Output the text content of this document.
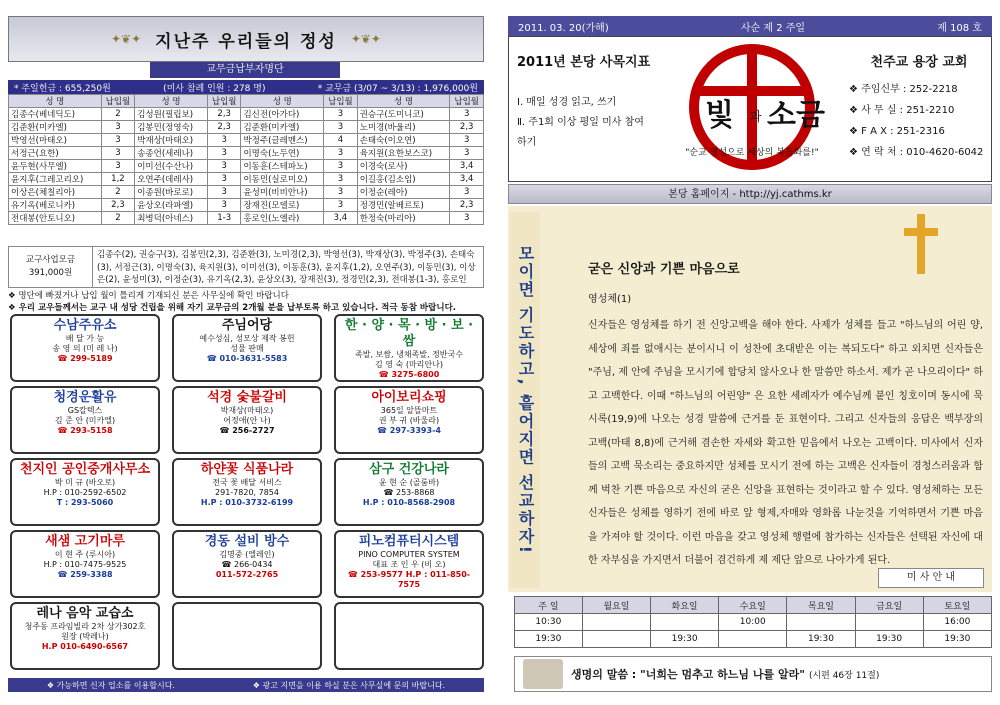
✦❦✦ 지난주 우리들의 정성 ✦❦✦
교무금납부자명단
* 주일헌금 : 655,250원	(미사 참례 인원 : 278 명)	* 교무금 (3/07 ~ 3/13) : 1,976,000원
성 명	납입월	성 명	납입월	성 명	납입월	성 명	납입월
김종수(베네딕도)	2	김성원(필립보)	2,3	김신전(아가다)	3	권승구(도미니코)	3
김준환(미카엘)	3	김봉민(정영숙)	2,3	김준환(미카엘)	3	노미경(바울리)	2,3
박영선(마태오)	3	박재상(마태오)	3	박정주(글레멘스)	4	손태숙(이오연)	3
서정근(요한)	3	송종언(세레나)	3	이명숙(노두연)	3	육지원(요한보스코)	3
윤두현(사무엘)	3	이미선(수산나)	3	이동훈(스테파노)	3	이경숙(로사)	3,4
윤지후(그레고리오)	1,2	오연주(데레사)	3	이동민(실로미오)	3	이길홍(김소임)	3,4
이상은(체칠리아)	2	이종원(바로로)	3	윤성미(비비안나)	3	이정순(레아)	3
유기옥(베로니카)	2,3	윤상오(라파엘)	3	장재진(모델로)	3	정경민(알베르토)	2,3
전대봉(안토니오)	2	최병덕(아네스)	1-3	홍로인(노엘라)	3,4	한정숙(마리아)	3
교구사업모금
391,000원
김종수(2), 권승구(3), 김봉민(2,3), 김준환(3), 노미경(2,3), 박영선(3), 박재상(3), 박정주(3), 손태숙(3), 서정근(3), 이명숙(3), 육지원(3), 이미선(3), 이동훈(3), 윤지후(1,2), 오연주(3), 이동민(3), 이상은(2), 윤성미(3), 이정순(3), 유기옥(2,3), 윤상오(3), 장재진(3), 정경민(2,3), 전대봉(1-3), 홍로인
❖ 명단에 빠졌거나 납입 월이 틀리게 기재되신 분은 사무실에 확인 바랍니다
❖ 우리 교우들께서는 교구 내 성당 건립을 위해 자기 교무금의 2개월 분을 납부토록 하고 있습니다. 적극 동참 바랍니다.
수남주유소
배 달 가 능
송 영 의 (미 레 나)
☎ 299-5189
주님어당
예수성심, 성모상 제작 봉헌
성물 판매
☎ 010-3631-5583
한 · 양 · 목 · 방 · 보 · 쌈
족발, 보쌈, 냉채족발, 정반국수
김 영 숙 (마리안나)
☎ 3275-6800
청경운활유
GS칼텍스
김 준 안 (미카엘)
☎ 293-5158
석경 숯불갈비
박재상(마태오)
어정애(안 나)
☎ 256-2727
아이보리쇼핑
365일 알뜰마트
권 부 귀 (바울라)
☎ 297-3393-4
천지인 공인중개사무소
박 미 규 (바오로)
H.P : 010-2592-6502
T : 293-5060
하얀꽃 식품나라
전국 꽃 배달 서비스
291-7820, 7854
H.P : 010-3732-6199
삼구 건강나라
윤 현 순 (골룸바)
☎ 253-8868
H.P : 010-8568-2908
새샘 고기마루
이 현 주 (루시아)
H.P : 010-7475-9525
☎ 259-3388
경동 설비 방수
김명중 (엘레인)
☎ 266-0434
011-572-2765
피노컴퓨터시스템
PINO COMPUTER SYSTEM
대표 조 인 우 (비 오)
☎ 253-9577 H.P : 011-850-7575
레나 음악 교습소
청주동 프라임빌라 2차 상가302호
원장 (박레나)
H.P 010-6490-6567
❖ 가능하면 신자 업소를 이용합시다.	❖ 광고 지면을 이용 하실 분은 사무실에 문의 바랍니다.
2011. 03. 20(가해)	사순 제 2 주일	제 108 호
2011년 본당 사목지표
Ⅰ. 매일 성경 읽고, 쓰기
Ⅱ. 주1회 이상 평일 미사 참여하기
빛 과 소금
"순교 영성으로 세상의 복음화를!"
천주교 용장 교회
❖ 주임신부 : 252-2218
❖ 사 무 실 : 251-2210
❖ F A X : 251-2316
❖ 연 락 처 : 010-4620-6042
본당 홈페이지 - http://yj.cathms.kr
모이면 기도하고, 흩어지면 선교하자!	굳은 신앙과 기쁜 마음으로
영성체(1)
신자들은 영성체를 하기 전 신앙고백을 해야 한다. 사제가 성체를 들고 "하느님의 어린 양, 세상에 죄를 없애시는 분이시니 이 성찬에 초대받은 이는 복되도다" 하고 외치면 신자들은 "주님, 제 안에 주님을 모시기에 합당치 않사오나 한 말씀만 하소서. 제가 곧 나으리이다" 하고 고백한다. 이때 "하느님의 어린양" 은 요한 세례자가 예수님께 붙인 칭호이며 동시에 묵시록(19,9)에 나오는 성경 말씀에 근거를 둔 표현이다. 그리고 신자들의 응답은 백부장의 고백(마태 8,8)에 근거해 겸손한 자세와 확고한 믿음에서 나오는 고백이다. 미사에서 신자들의 고백 묵소리는 중요하지만 성체를 모시기 전에 하는 고백은 신자들이 경청스러움과 함께 벅찬 기쁜 마음으로 자신의 굳은 신앙을 표현하는 것이라고 할 수 있다. 영성체하는 모든 신자들은 성체를 영하기 전에 바로 앞 형제,자매와 영화롭 나눈것을 기억하면서 기쁜 마음을 가져야 할 것이다. 이런 마음을 갖고 영성체 행렬에 참가하는 신자들은 선택된 자신에 대한 자부심을 가지면서 더불어 겸건하게 제 제단 앞으로 나아가게 된다.
미 사 안 내
주 일	월요일	화요일	수요일	목요일	금요일	토요일
10:30			10:00			16:00
19:30		19:30		19:30	19:30	19:30
생명의 말씀 : "너희는 멈추고 하느님 나를 알라" (시편 46장 11절)
